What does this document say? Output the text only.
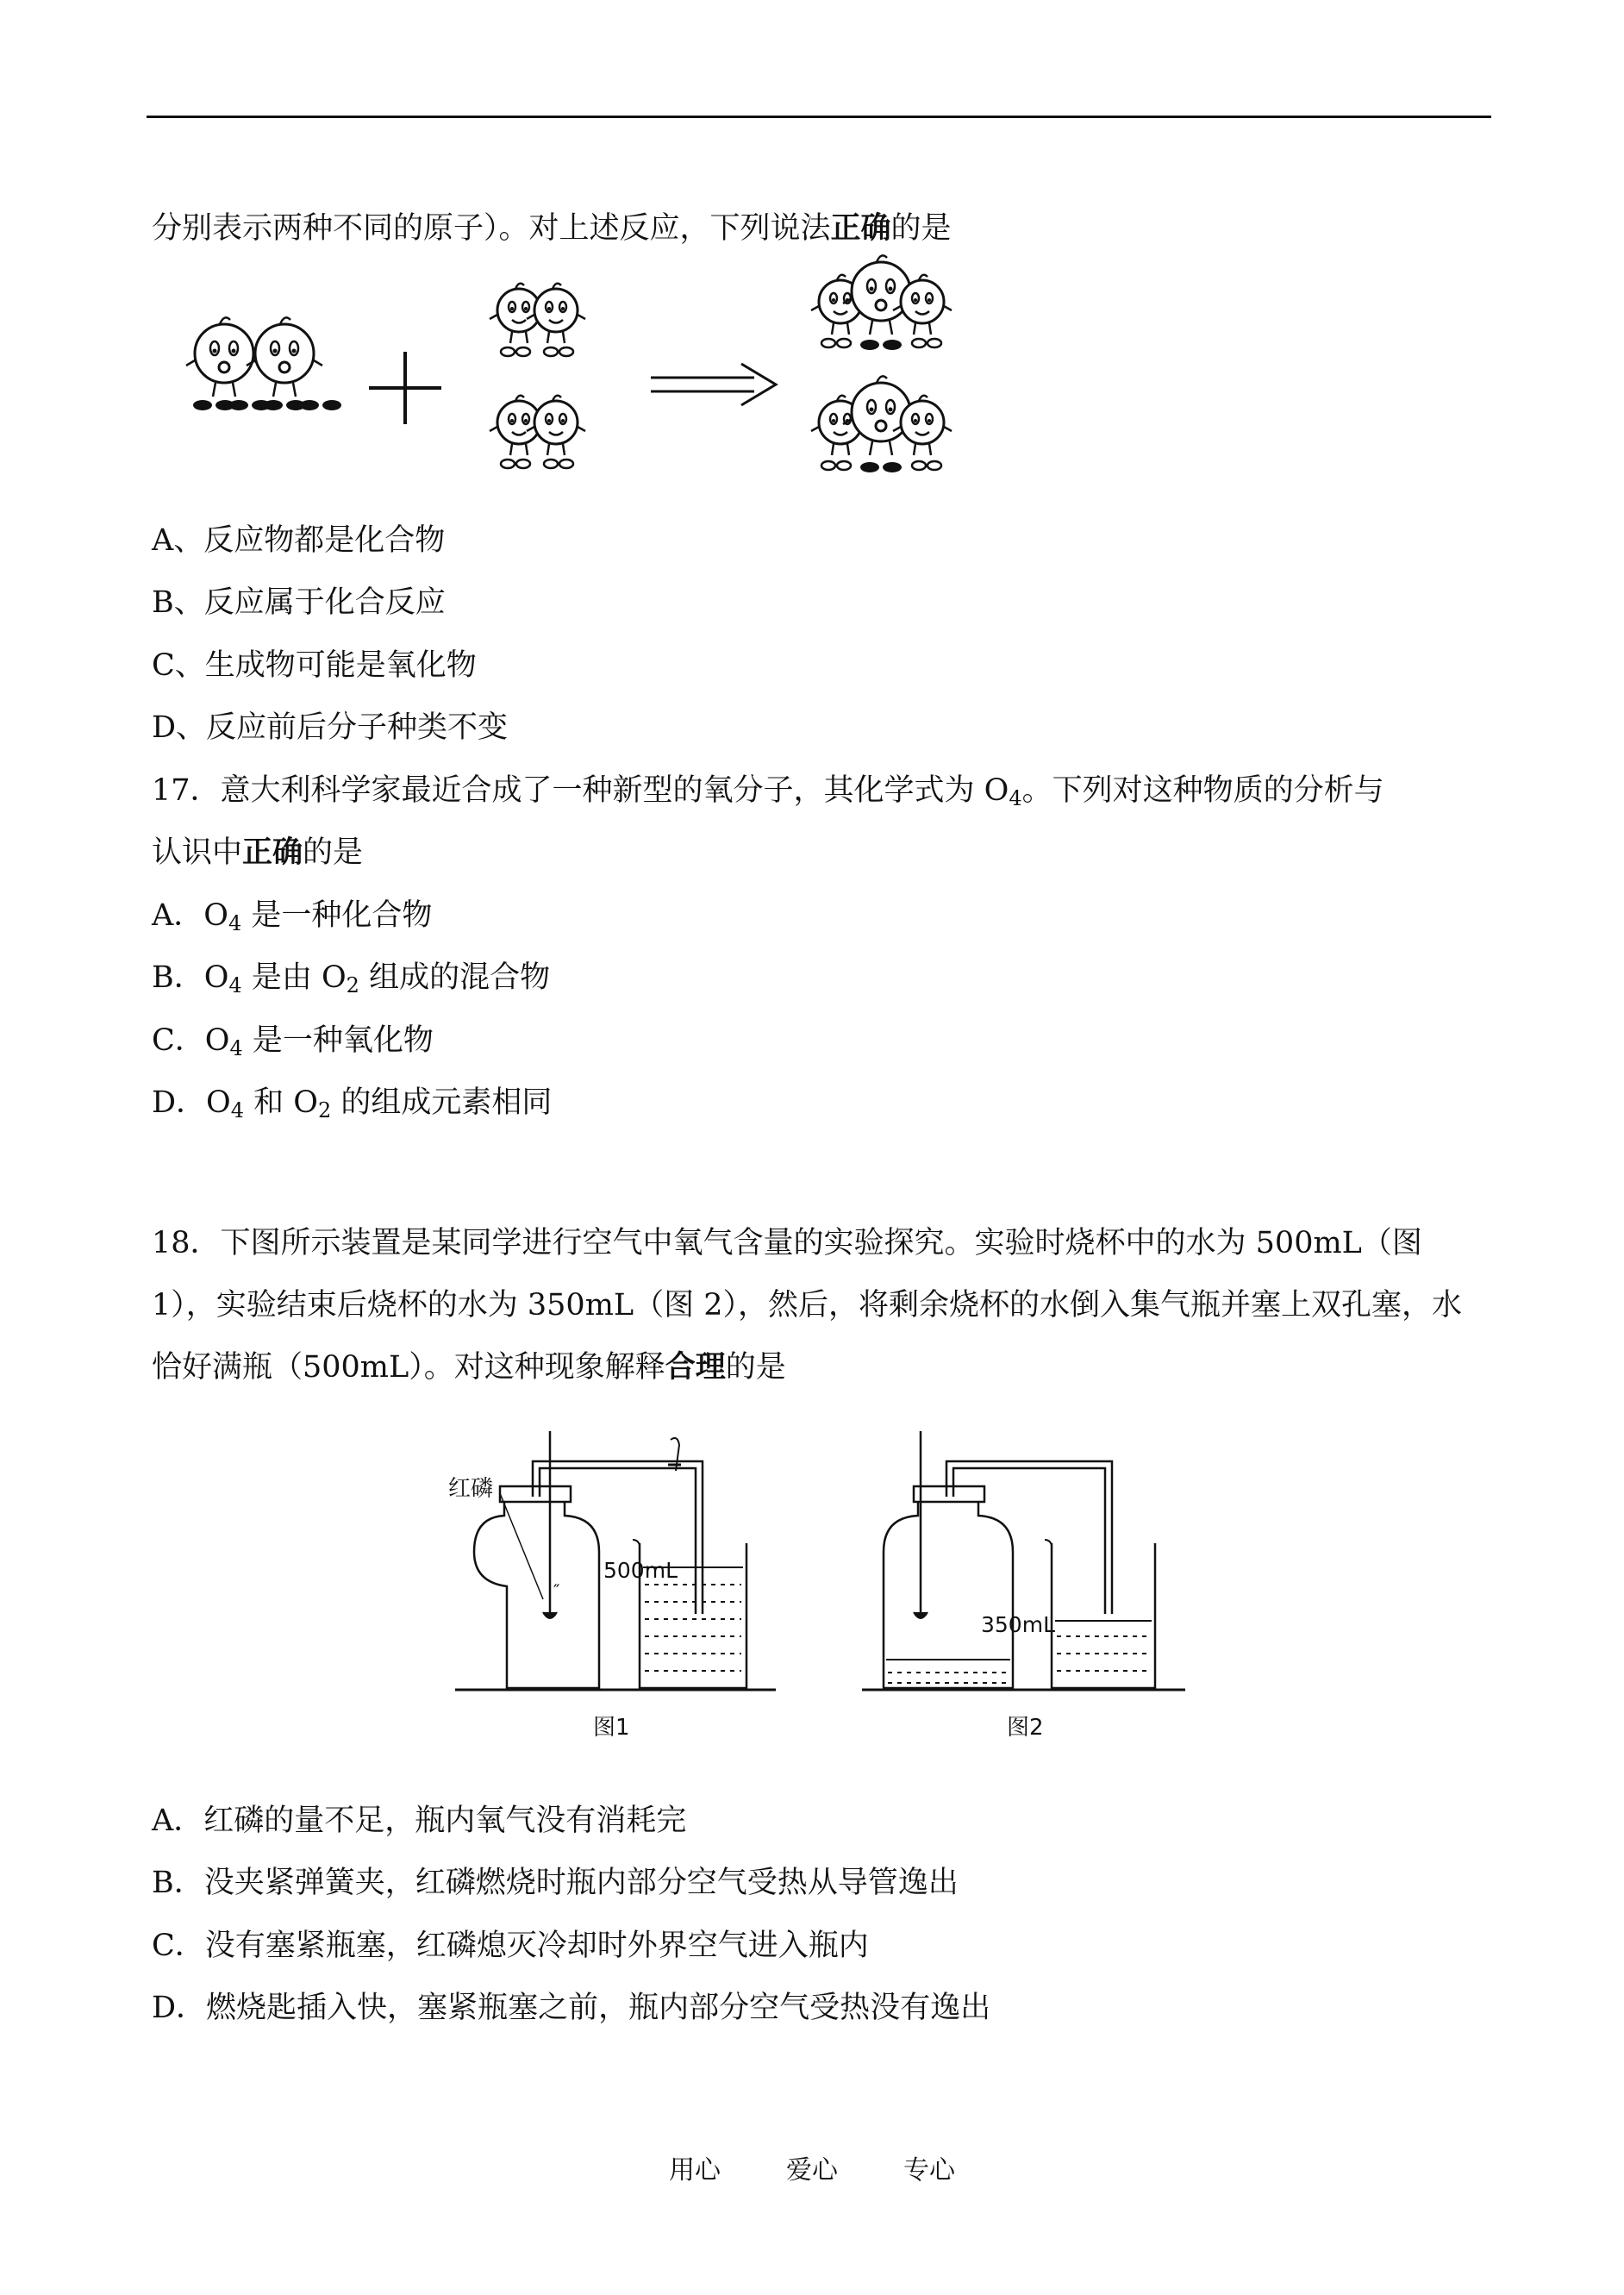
分别表示两种不同的原子）。对上述反应，下列说法正确的是
A、反应物都是化合物
B、反应属于化合反应
C、生成物可能是氧化物
D、反应前后分子种类不变
17．意大利科学家最近合成了一种新型的氧分子，其化学式为 $O_4$。下列对这种物质的分析与
认识中正确的是
A．$O_4$ 是一种化合物
B．$O_4$ 是由 $O_2$ 组成的混合物
C．$O_4$ 是一种氧化物
D．$O_4$ 和 $O_2$ 的组成元素相同
18．下图所示装置是某同学进行空气中氧气含量的实验探究。实验时烧杯中的水为 500mL（图 1），实验结束后烧杯的水为 350mL（图 2），然后，将剩余烧杯的水倒入集气瓶并塞上双孔塞，水恰好满瓶（500mL）。对这种现象解释合理的是
″
红磷
500mL
图1
350mL
图2
A．红磷的量不足，瓶内氧气没有消耗完
B．没夹紧弹簧夹，红磷燃烧时瓶内部分空气受热从导管逸出
C．没有塞紧瓶塞，红磷熄灭冷却时外界空气进入瓶内
D．燃烧匙插入快，塞紧瓶塞之前，瓶内部分空气受热没有逸出
用心	爱心	专心
